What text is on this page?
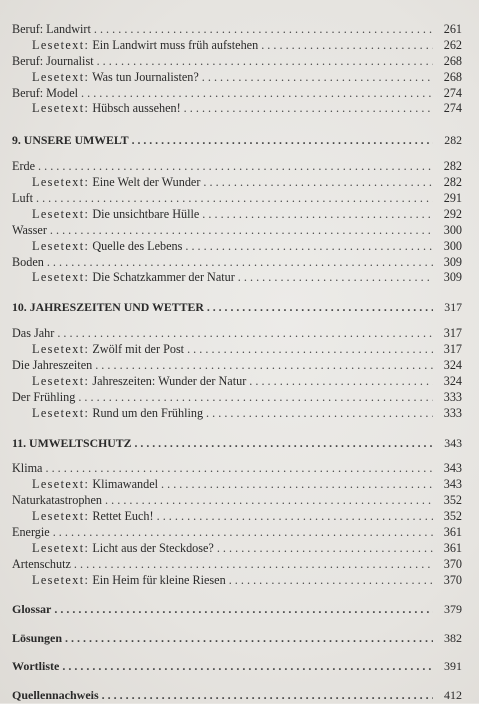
Beruf: Landwirt . . .	261
Lesetext: Ein Landwirt muss früh aufstehen . . .	262
Beruf: Journalist . . .	268
Lesetext: Was tun Journalisten? . . .	268
Beruf: Model . . .	274
Lesetext: Hübsch aussehen! . . .	274
9. UNSERE UMWELT . . .	282
Erde . . .	282
Lesetext: Eine Welt der Wunder . . .	282
Luft . . .	291
Lesetext: Die unsichtbare Hülle . . .	292
Wasser . . .	300
Lesetext: Quelle des Lebens . . .	300
Boden . . .	309
Lesetext: Die Schatzkammer der Natur . . .	309
10. JAHRESZEITEN UND WETTER . . .	317
Das Jahr . . .	317
Lesetext: Zwölf mit der Post . . .	317
Die Jahreszeiten . . .	324
Lesetext: Jahreszeiten: Wunder der Natur . . .	324
Der Frühling . . .	333
Lesetext: Rund um den Frühling . . .	333
11. UMWELTSCHUTZ . . .	343
Klima . . .	343
Lesetext: Klimawandel . . .	343
Naturkatastrophen . . .	352
Lesetext: Rettet Euch! . . .	352
Energie . . .	361
Lesetext: Licht aus der Steckdose? . . .	361
Artenschutz . . .	370
Lesetext: Ein Heim für kleine Riesen . . .	370
Glossar . . .	379
Lösungen . . .	382
Wortliste . . .	391
Quellennachweis . . .	412
